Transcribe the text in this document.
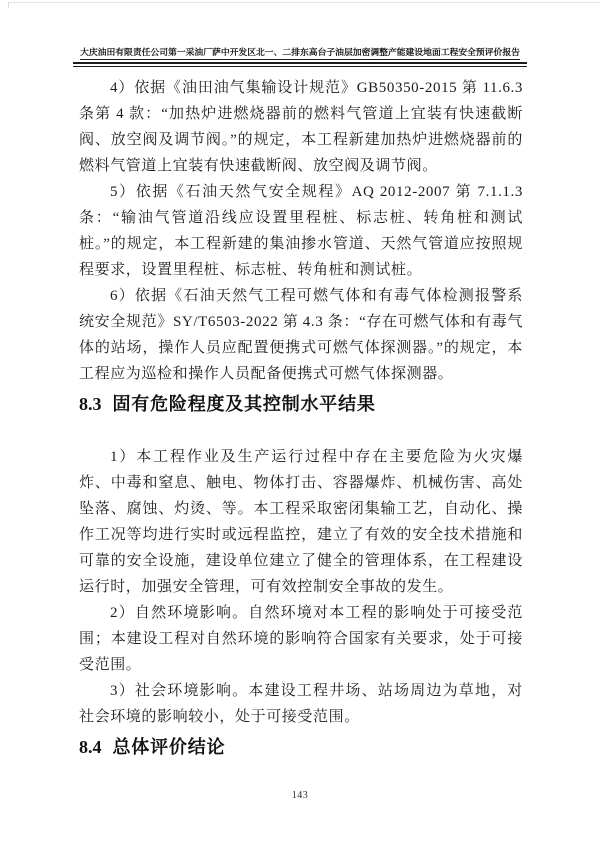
大庆油田有限责任公司第一采油厂萨中开发区北一、二排东高台子油层加密调整产能建设地面工程安全预评价报告

4）依据《油田油气集输设计规范》GB50350-2015 第 11.6.3 条第 4 款：“加热炉进燃烧器前的燃料气管道上宜装有快速截断阀、放空阀及调节阀。”的规定，本工程新建加热炉进燃烧器前的燃料气管道上宜装有快速截断阀、放空阀及调节阀。

5）依据《石油天然气安全规程》AQ 2012-2007 第 7.1.1.3 条：“输油气管道沿线应设置里程桩、标志桩、转角桩和测试桩。”的规定，本工程新建的集油掺水管道、天然气管道应按照规程要求，设置里程桩、标志桩、转角桩和测试桩。

6）依据《石油天然气工程可燃气体和有毒气体检测报警系统安全规范》SY/T6503-2022 第 4.3 条：“存在可燃气体和有毒气体的站场，操作人员应配置便携式可燃气体探测器。”的规定，本工程应为巡检和操作人员配备便携式可燃气体探测器。

8.3 固有危险程度及其控制水平结果

1）本工程作业及生产运行过程中存在主要危险为火灾爆炸、中毒和窒息、触电、物体打击、容器爆炸、机械伤害、高处坠落、腐蚀、灼烫、等。本工程采取密闭集输工艺，自动化、操作工况等均进行实时或远程监控，建立了有效的安全技术措施和可靠的安全设施，建设单位建立了健全的管理体系，在工程建设运行时，加强安全管理，可有效控制安全事故的发生。

2）自然环境影响。自然环境对本工程的影响处于可接受范围；本建设工程对自然环境的影响符合国家有关要求，处于可接受范围。

3）社会环境影响。本建设工程井场、站场周边为草地，对社会环境的影响较小，处于可接受范围。

8.4 总体评价结论
143
